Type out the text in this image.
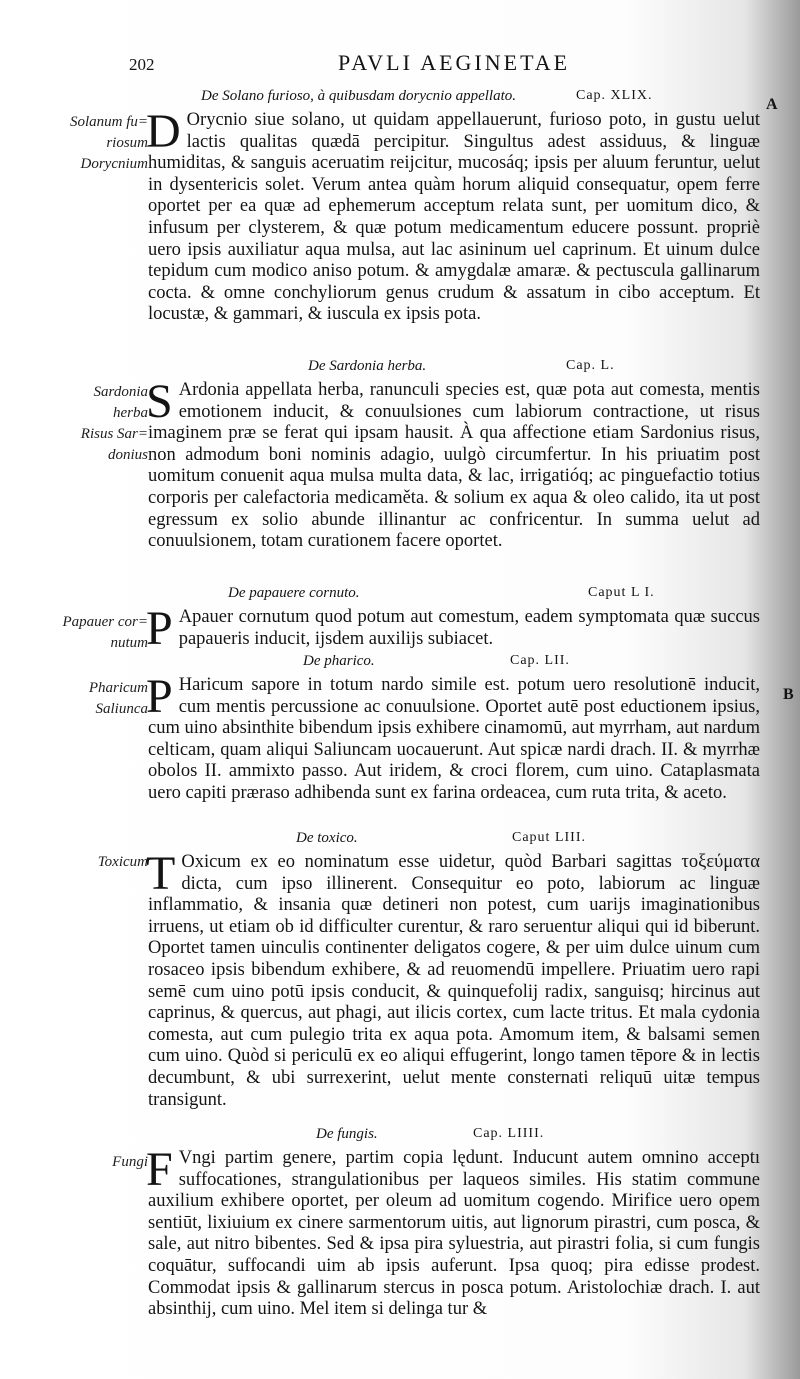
202	PAVLI AEGINETAE
A
B
Solanum fu=
riosum
Dorycnium
De Solano furioso, à quibusdam dorycnio appellato.	Cap. XLIX.
D Orycnio siue solano, ut quidam appellauerunt, furioso poto, in gustu uelut lactis qualitas quædā percipitur. Singultus adest assiduus, & linguæ humiditas, & sanguis aceruatim reijcitur, mucosáq; ipsis per aluum feruntur, uelut in dysentericis solet. Verum antea quàm horum aliquid consequatur, opem ferre oportet per ea quæ ad ephemerum acceptum relata sunt, per uomitum dico, & infusum per clysterem, & quæ potum medicamentum educere possunt. propriè uero ipsis auxiliatur aqua mulsa, aut lac asininum uel caprinum. Et uinum dulce tepidum cum modico aniso potum. & amygdalæ amaræ. & pectuscula gallinarum cocta. & omne conchyliorum genus crudum & assatum in cibo acceptum. Et locustæ, & gammari, & iuscula ex ipsis pota.
Sardonia
herba
Risus Sar=
donius
De Sardonia herba.	Cap. L.
S Ardonia appellata herba, ranunculi species est, quæ pota aut comesta, mentis emotionem inducit, & conuulsiones cum labiorum contractione, ut risus imaginem præ se ferat qui ipsam hausit. À qua affectione etiam Sardonius risus, non admodum boni nominis adagio, uulgò circumfertur. In his priuatim post uomitum conuenit aqua mulsa multa data, & lac, irrigatióq; ac pinguefactio totius corporis per calefactoria medicaměta. & solium ex aqua & oleo calido, ita ut post egressum ex solio abunde illinantur ac confricentur. In summa uelut ad conuulsionem, totam curationem facere oportet.
Papauer cor=
nutum
De papauere cornuto.	Caput L I.
P Apauer cornutum quod potum aut comestum, eadem symptomata quæ succus papaueris inducit, ijsdem auxilijs subiacet.
Pharicum
Saliunca
De pharico.	Cap. LII.
P Haricum sapore in totum nardo simile est. potum uero resolutionē inducit, cum mentis percussione ac conuulsione. Oportet autē post eductionem ipsius, cum uino absinthite bibendum ipsis exhibere cinamomū, aut myrrham, aut nardum celticam, quam aliqui Saliuncam uocauerunt. Aut spicæ nardi drach. II. & myrrhæ obolos II. ammixto passo. Aut iridem, & croci florem, cum uino. Cataplasmata uero capiti præraso adhibenda sunt ex farina ordeacea, cum ruta trita, & aceto.
Toxicum
De toxico.	Caput LIII.
T Oxicum ex eo nominatum esse uidetur, quòd Barbari sagittas τοξεύματα dicta, cum ipso illinerent. Consequitur eo poto, labiorum ac linguæ inflammatio, & insania quæ detineri non potest, cum uarijs imaginationibus irruens, ut etiam ob id difficulter curentur, & raro seruentur aliqui qui id biberunt. Oportet tamen uinculis continenter deligatos cogere, & per uim dulce uinum cum rosaceo ipsis bibendum exhibere, & ad reuomendū impellere. Priuatim uero rapi semē cum uino potū ipsis conducit, & quinquefolij radix, sanguisq; hircinus aut caprinus, & quercus, aut phagi, aut ilicis cortex, cum lacte tritus. Et mala cydonia comesta, aut cum pulegio trita ex aqua pota. Amomum item, & balsami semen cum uino. Quòd si periculū ex eo aliqui effugerint, longo tamen tēpore & in lectis decumbunt, & ubi surrexerint, uelut mente consternati reliquū uitæ tempus transigunt.
Fungi
De fungis.	Cap. LIIII.
F Vngi partim genere, partim copia lędunt. Inducunt autem omnino acceptı suffocationes, strangulationibus per laqueos similes. His statim commune auxilium exhibere oportet, per oleum ad uomitum cogendo. Mirifice uero opem sentiūt, lixiuium ex cinere sarmentorum uitis, aut lignorum pirastri, cum posca, & sale, aut nitro bibentes. Sed & ipsa pira syluestria, aut pirastri folia, si cum fungis coquātur, suffocandi uim ab ipsis auferunt. Ipsa quoq; pira edisse prodest. Commodat ipsis & gallinarum stercus in posca potum. Aristolochiæ drach. I. aut absinthij, cum uino. Mel item si delinga tur &
